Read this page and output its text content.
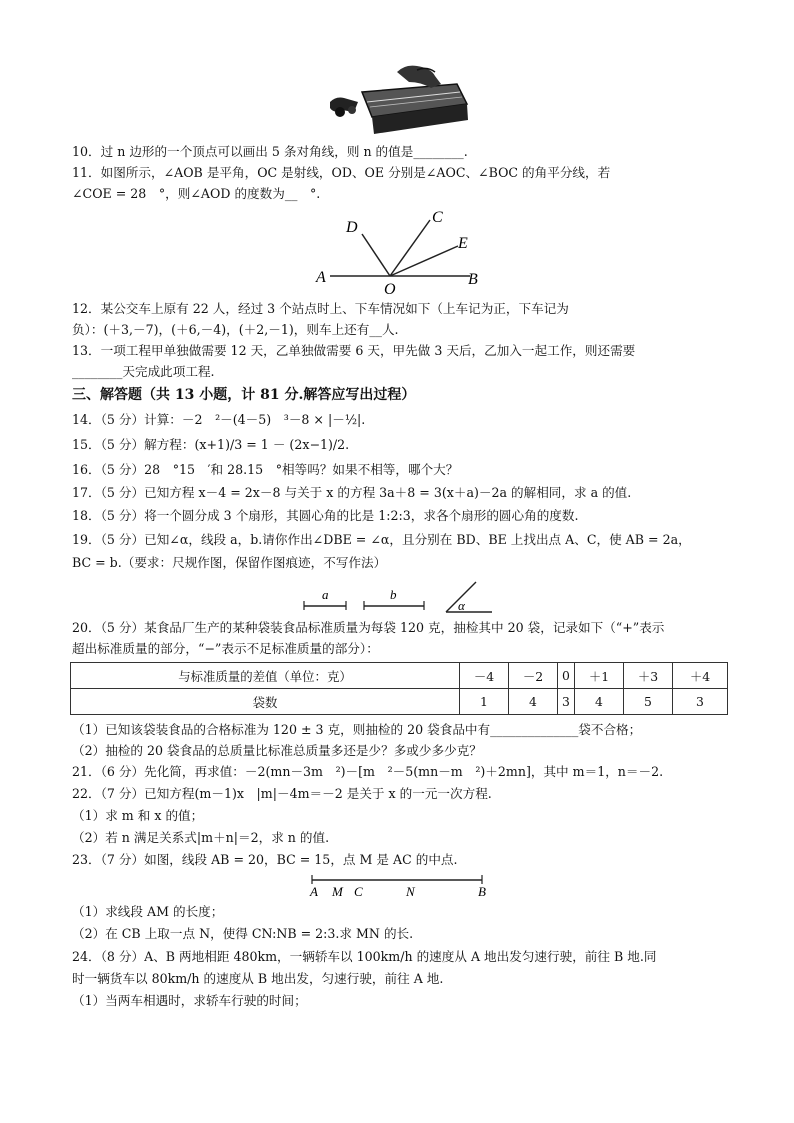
10．过 n 边形的一个顶点可以画出 5 条对角线，则 n 的值是________.
11．如图所示，∠AOB 是平角，OC 是射线，OD、OE 分别是∠AOC、∠BOC 的角平分线，若
∠COE = 28　°，则∠AOD 的度数为__　°.
D
C
E
A
O
B
12．某公交车上原有 22 人，经过 3 个站点时上、下车情况如下（上车记为正，下车记为
负）：(＋3,－7)，(＋6,－4)，(＋2,－1)，则车上还有__人.
13．一项工程甲单独做需要 12 天，乙单独做需要 6 天，甲先做 3 天后，乙加入一起工作，则还需要
________天完成此项工程.
三、解答题（共 13 小题，计 81 分.解答应写出过程）
14．（5 分）计算：－2　²－(4－5)　³－8 × |－½|.
15．（5 分）解方程：(x+1)/3 = 1 － (2x−1)/2.
16．（5 分）28　°15　′和 28.15　°相等吗？如果不相等，哪个大？
17．（5 分）已知方程 x－4 = 2x－8 与关于 x 的方程 3a＋8 = 3(x＋a)－2a 的解相同，求 a 的值.
18．（5 分）将一个圆分成 3 个扇形，其圆心角的比是 1:2:3，求各个扇形的圆心角的度数.
19．（5 分）已知∠α，线段 a，b.请你作出∠DBE = ∠α，且分别在 BD、BE 上找出点 A、C，使 AB = 2a，
BC = b.（要求：尺规作图，保留作图痕迹，不写作法）
a	b
α
20．（5 分）某食品厂生产的某种袋装食品标准质量为每袋 120 克，抽检其中 20 袋，记录如下（“+”表示
超出标准质量的部分，“−”表示不足标准质量的部分）：
与标准质量的差值（单位：克）	－4	－2	0	＋1	＋3	＋4
袋数	1	4	3	4	5	3
（1）已知该袋装食品的合格标准为 120 ± 3 克，则抽检的 20 袋食品中有______________袋不合格；
（2）抽检的 20 袋食品的总质量比标准总质量多还是少？多或少多少克？
21．（6 分）先化简，再求值：－2(mn－3m　²)－[m　²－5(mn－m　²)＋2mn]，其中 m＝1，n＝－2.
22．（7 分）已知方程(m－1)x　|m|－4m＝－2 是关于 x 的一元一次方程.
（1）求 m 和 x 的值；
（2）若 n 满足关系式|m＋n|＝2，求 n 的值.
23．（7 分）如图，线段 AB = 20，BC = 15，点 M 是 AC 的中点.
A M C	N	B
（1）求线段 AM 的长度；
（2）在 CB 上取一点 N，使得 CN:NB = 2:3.求 MN 的长.
24．（8 分）A、B 两地相距 480km，一辆轿车以 100km/h 的速度从 A 地出发匀速行驶，前往 B 地.同
时一辆货车以 80km/h 的速度从 B 地出发，匀速行驶，前往 A 地.
（1）当两车相遇时，求轿车行驶的时间；
